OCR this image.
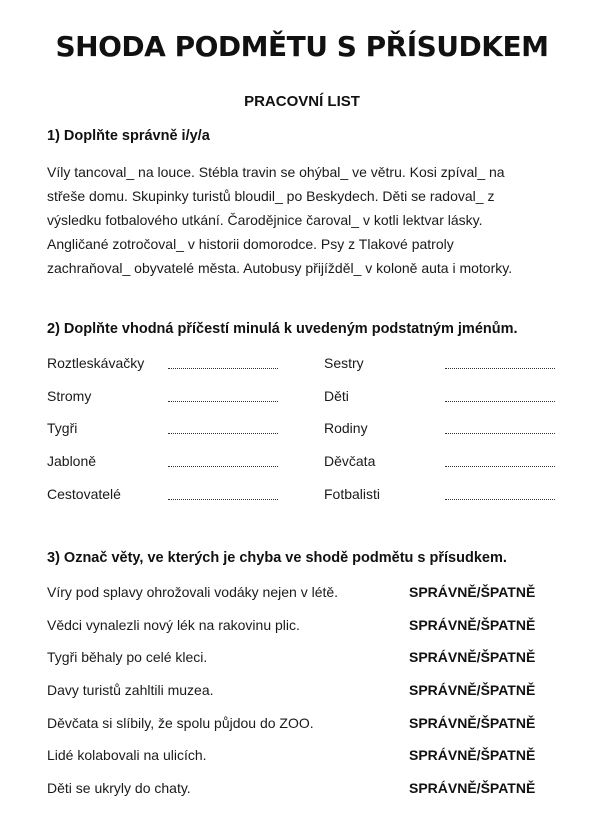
SHODA PODMĚTU S PŘÍSUDKEM
PRACOVNÍ LIST
1) Doplňte správně i/y/a

Víly tancoval_ na louce. Stébla travin se ohýbal_ ve větru. Kosi zpíval_ na

střeše domu. Skupinky turistů bloudil_ po Beskydech. Děti se radoval_ z

výsledku fotbalového utkání. Čarodějnice čaroval_ v kotli lektvar lásky.

Angličané zotročoval_ v historii domorodce. Psy z Tlakové patroly

zachraňoval_ obyvatelé města. Autobusy přijížděl_ v koloně auta i motorky.

2) Doplňte vhodná příčestí minulá k uvedeným podstatným jménům.
Roztleskávačky	Sestry
Stromy	Děti
Tygři	Rodiny
Jabloně	Děvčata
Cestovatelé	Fotbalisti
3) Označ věty, ve kterých je chyba ve shodě podmětu s přísudkem.
Víry pod splavy ohrožovali vodáky nejen v létě.	SPRÁVNĚ/ŠPATNĚ
Vědci vynalezli nový lék na rakovinu plic.	SPRÁVNĚ/ŠPATNĚ
Tygři běhaly po celé kleci.	SPRÁVNĚ/ŠPATNĚ
Davy turistů zahltili muzea.	SPRÁVNĚ/ŠPATNĚ
Děvčata si slíbily, že spolu půjdou do ZOO.	SPRÁVNĚ/ŠPATNĚ
Lidé kolabovali na ulicích.	SPRÁVNĚ/ŠPATNĚ
Děti se ukryly do chaty.	SPRÁVNĚ/ŠPATNĚ
